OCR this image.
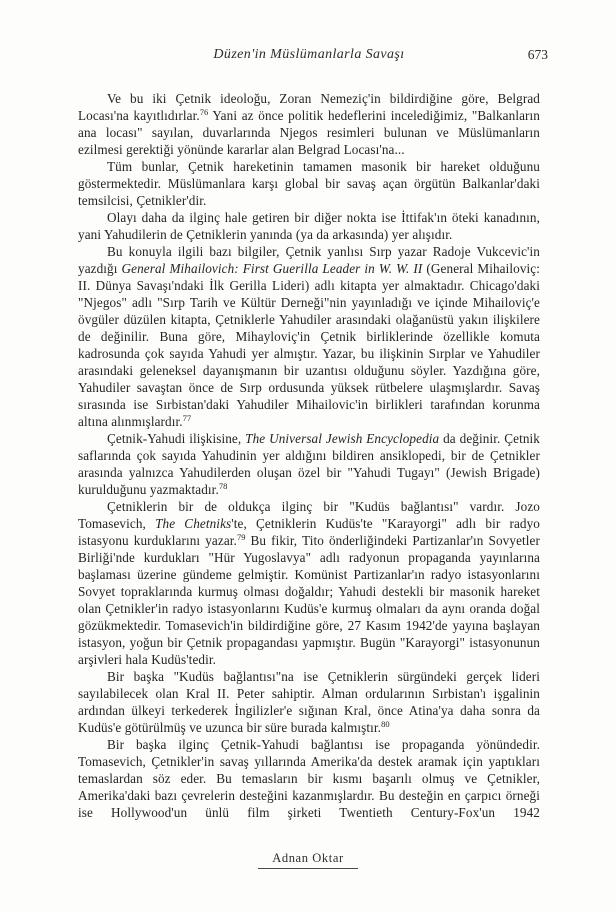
Düzen'in Müslümanlarla Savaşı	673

Ve bu iki Çetnik ideoloğu, Zoran Nemeziç'in bildirdiğine göre, Belgrad Locası'na kayıtlıdırlar.$^{76}$ Yani az önce politik hedeflerini incelediğimiz, "Balkanların ana locası" sayılan, duvarlarında Njegos resimleri bulunan ve Müslümanların ezilmesi gerektiği yönünde kararlar alan Belgrad Locası'na...

Tüm bunlar, Çetnik hareketinin tamamen masonik bir hareket olduğunu göstermektedir. Müslümanlara karşı global bir savaş açan örgütün Balkanlar'daki temsilcisi, Çetnikler'dir.

Olayı daha da ilginç hale getiren bir diğer nokta ise İttifak'ın öteki kanadının, yani Yahudilerin de Çetniklerin yanında (ya da arkasında) yer alışıdır.

Bu konuyla ilgili bazı bilgiler, Çetnik yanlısı Sırp yazar Radoje Vukcevic'in yazdığı General Mihailovich: First Guerilla Leader in W. W. II (General Mihailoviç: II. Dünya Savaşı'ndaki İlk Gerilla Lideri) adlı kitapta yer almaktadır. Chicago'daki "Njegos" adlı "Sırp Tarih ve Kültür Derneği"nin yayınladığı ve içinde Mihailoviç'e övgüler düzülen kitapta, Çetniklerle Yahudiler arasındaki olağanüstü yakın ilişkilere de değinilir. Buna göre, Mihayloviç'in Çetnik birliklerinde özellikle komuta kadrosunda çok sayıda Yahudi yer almıştır. Yazar, bu ilişkinin Sırplar ve Yahudiler arasındaki geleneksel dayanışmanın bir uzantısı olduğunu söyler. Yazdığına göre, Yahudiler savaştan önce de Sırp ordusunda yüksek rütbelere ulaşmışlardır. Savaş sırasında ise Sırbistan'daki Yahudiler Mihailovic'in birlikleri tarafından korunma altına alınmışlardır.$^{77}$

Çetnik-Yahudi ilişkisine, The Universal Jewish Encyclopedia da değinir. Çetnik saflarında çok sayıda Yahudinin yer aldığını bildiren ansiklopedi, bir de Çetnikler arasında yalnızca Yahudilerden oluşan özel bir "Yahudi Tugayı" (Jewish Brigade) kurulduğunu yazmaktadır.$^{78}$

Çetniklerin bir de oldukça ilginç bir "Kudüs bağlantısı" vardır. Jozo Tomasevich, The Chetniks'te, Çetniklerin Kudüs'te "Karayorgi" adlı bir radyo istasyonu kurduklarını yazar.$^{79}$ Bu fikir, Tito önderliğindeki Partizanlar'ın Sovyetler Birliği'nde kurdukları "Hür Yugoslavya" adlı radyonun propaganda yayınlarına başlaması üzerine gündeme gelmiştir. Komünist Partizanlar'ın radyo istasyonlarını Sovyet topraklarında kurmuş olması doğaldır; Yahudi destekli bir masonik hareket olan Çetnikler'in radyo istasyonlarını Kudüs'e kurmuş olmaları da aynı oranda doğal gözükmektedir. Tomasevich'in bildirdiğine göre, 27 Kasım 1942'de yayına başlayan istasyon, yoğun bir Çetnik propagandası yapmıştır. Bugün "Karayorgi" istasyonunun arşivleri hala Kudüs'tedir.

Bir başka "Kudüs bağlantısı"na ise Çetniklerin sürgündeki gerçek lideri sayılabilecek olan Kral II. Peter sahiptir. Alman ordularının Sırbistan'ı işgalinin ardından ülkeyi terkederek İngilizler'e sığınan Kral, önce Atina'ya daha sonra da Kudüs'e götürülmüş ve uzunca bir süre burada kalmıştır.$^{80}$

Bir başka ilginç Çetnik-Yahudi bağlantısı ise propaganda yönündedir. Tomasevich, Çetnikler'in savaş yıllarında Amerika'da destek aramak için yaptıkları temaslardan söz eder. Bu temasların bir kısmı başarılı olmuş ve Çetnikler, Amerika'daki bazı çevrelerin desteğini kazanmışlardır. Bu desteğin en çarpıcı örneği ise Hollywood'un ünlü film şirketi Twentieth Century-Fox'un 1942

Adnan Oktar
